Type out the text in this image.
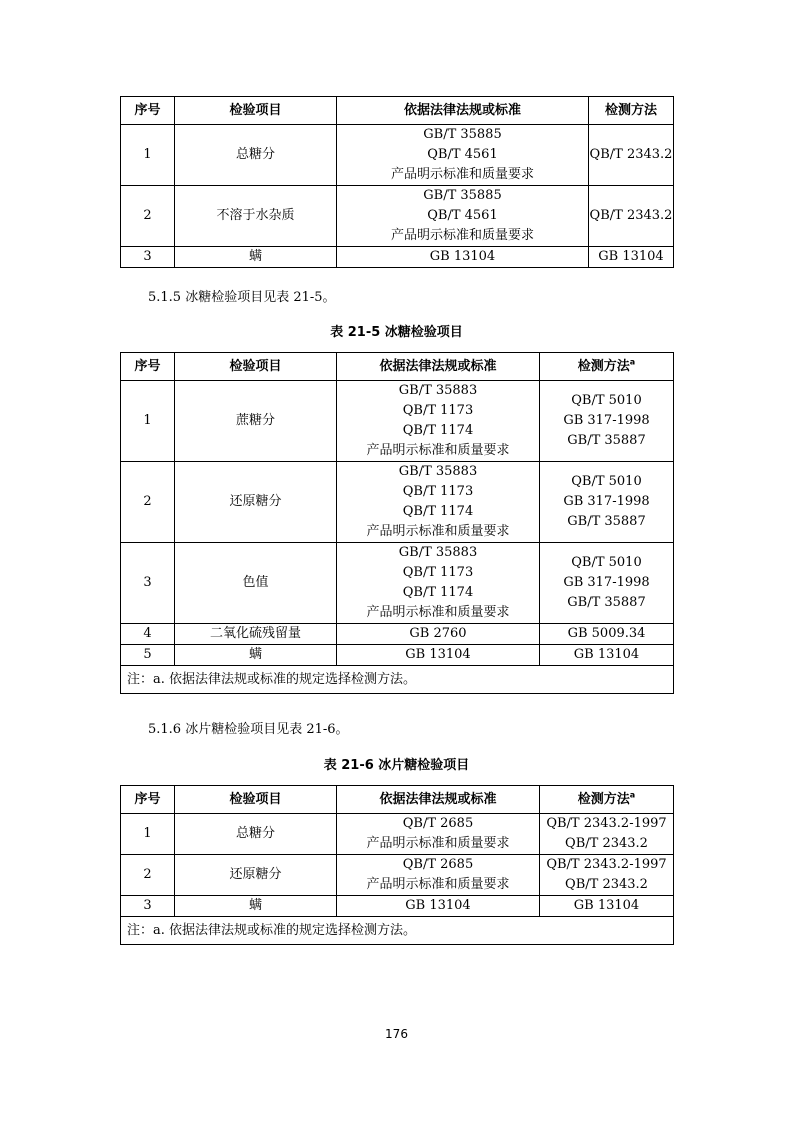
序号	检验项目	依据法律法规或标准	检测方法
1	总糖分	GB/T 35885
QB/T 4561
产品明示标准和质量要求	QB/T 2343.2

2	不溶于水杂质	GB/T 35885
QB/T 4561
产品明示标准和质量要求	QB/T 2343.2

3	螨	GB 13104	GB 13104
5.1.5 冰糖检验项目见表 21-5。
表 21-5 冰糖检验项目
序号	检验项目	依据法律法规或标准	检测方法$^a$
1	蔗糖分	GB/T 35883
QB/T 1173
QB/T 1174
产品明示标准和质量要求	QB/T 5010
GB 317-1998
GB/T 35887

2	还原糖分	GB/T 35883
QB/T 1173
QB/T 1174
产品明示标准和质量要求	QB/T 5010
GB 317-1998
GB/T 35887

3	色值	GB/T 35883
QB/T 1173
QB/T 1174
产品明示标准和质量要求	QB/T 5010
GB 317-1998
GB/T 35887

4	二氧化硫残留量	GB 2760	GB 5009.34

5	螨	GB 13104	GB 13104

注：a. 依据法律法规或标准的规定选择检测方法。			
5.1.6 冰片糖检验项目见表 21-6。
表 21-6 冰片糖检验项目
序号	检验项目	依据法律法规或标准	检测方法$^a$
1	总糖分	QB/T 2685
产品明示标准和质量要求	QB/T 2343.2-1997
QB/T 2343.2

2	还原糖分	QB/T 2685
产品明示标准和质量要求	QB/T 2343.2-1997
QB/T 2343.2

3	螨	GB 13104	GB 13104

注：a. 依据法律法规或标准的规定选择检测方法。			
176
